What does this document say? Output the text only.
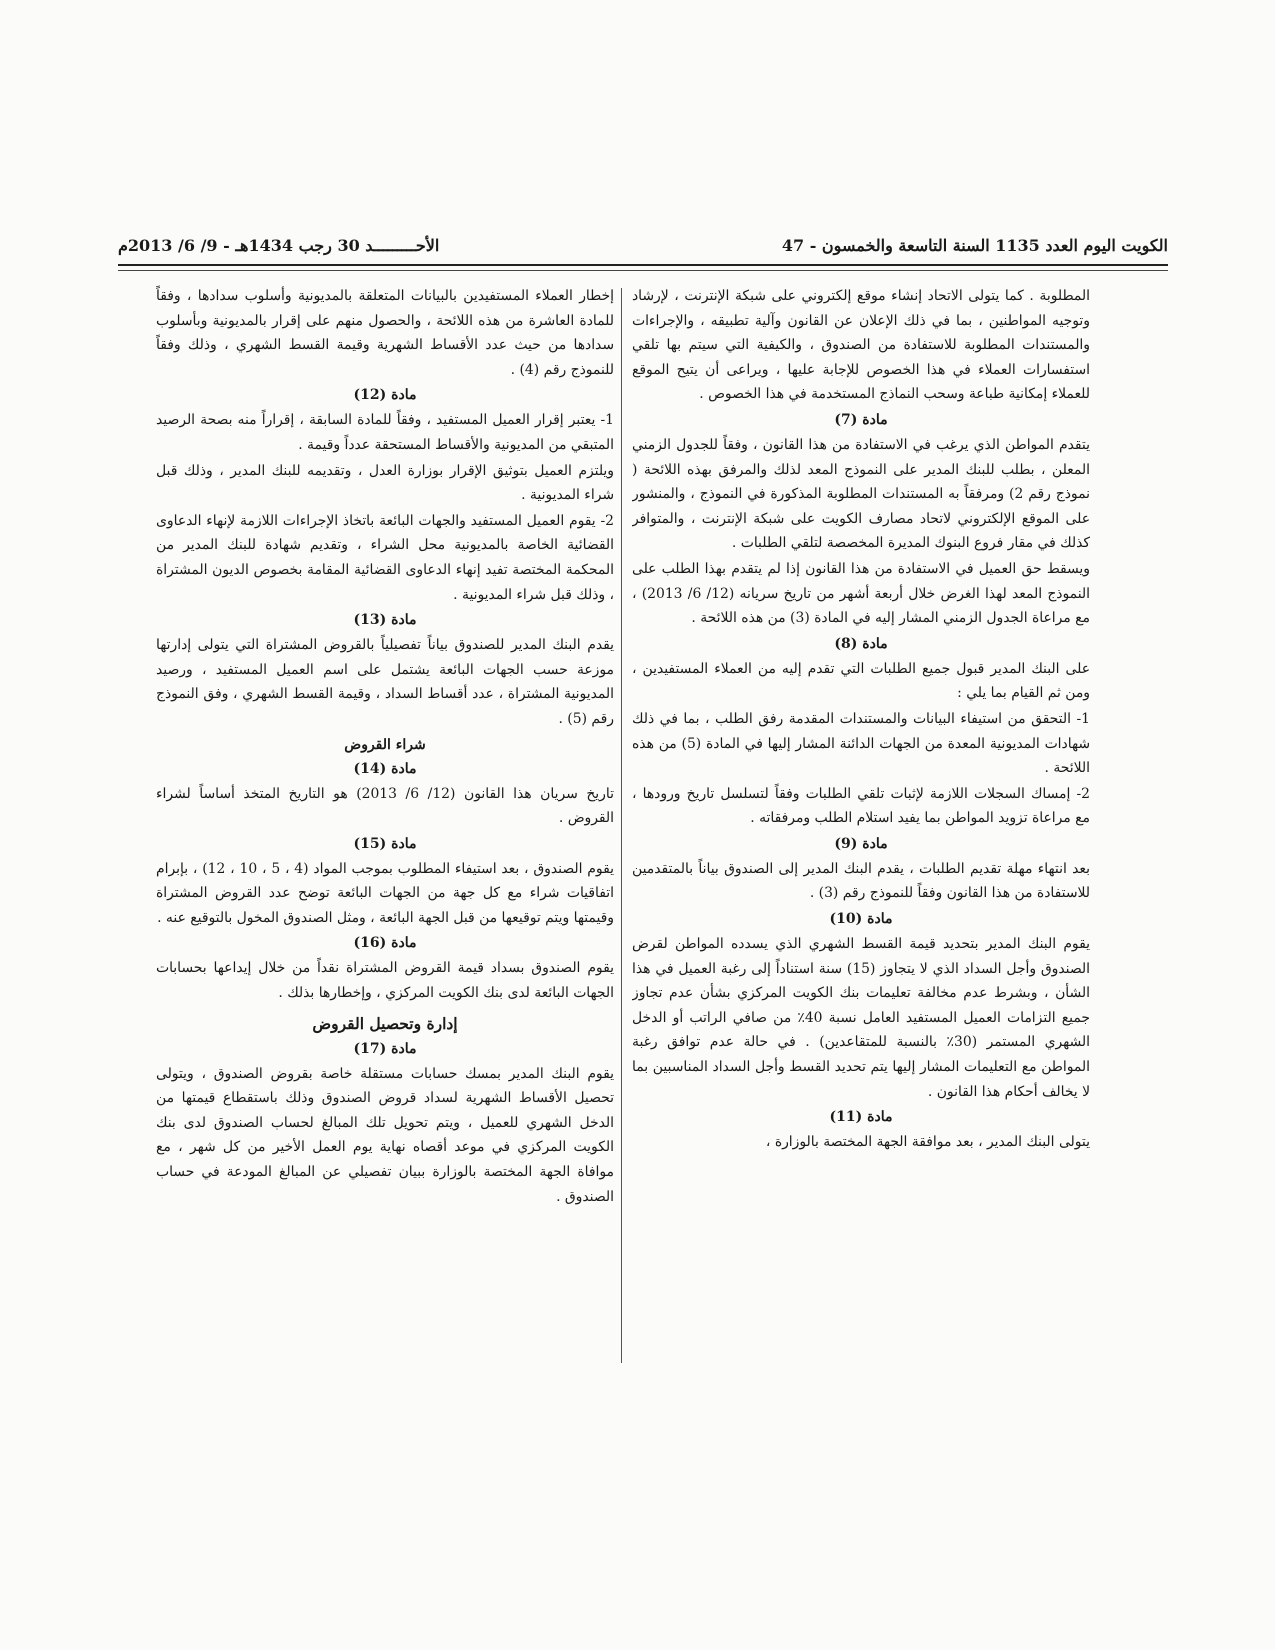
الكويت اليوم العدد 1135 السنة التاسعة والخمسون - 47
الأحـــــــــد 30 رجب 1434هـ - 9/ 6/ 2013م

المطلوبة . كما يتولى الاتحاد إنشاء موقع إلكتروني على شبكة الإنترنت ، لإرشاد وتوجيه المواطنين ، بما في ذلك الإعلان عن القانون وآلية تطبيقه ، والإجراءات والمستندات المطلوبة للاستفادة من الصندوق ، والكيفية التي سيتم بها تلقي استفسارات العملاء في هذا الخصوص للإجابة عليها ، ويراعى أن يتيح الموقع للعملاء إمكانية طباعة وسحب النماذج المستخدمة في هذا الخصوص .

مادة (7)

يتقدم المواطن الذي يرغب في الاستفادة من هذا القانون ، وفقاً للجدول الزمني المعلن ، بطلب للبنك المدير على النموذج المعد لذلك والمرفق بهذه اللائحة ( نموذج رقم 2) ومرفقاً به المستندات المطلوبة المذكورة في النموذج ، والمنشور على الموقع الإلكتروني لاتحاد مصارف الكويت على شبكة الإنترنت ، والمتوافر كذلك في مقار فروع البنوك المديرة المخصصة لتلقي الطلبات .

ويسقط حق العميل في الاستفادة من هذا القانون إذا لم يتقدم بهذا الطلب على النموذج المعد لهذا الغرض خلال أربعة أشهر من تاريخ سريانه (12/ 6/ 2013) ، مع مراعاة الجدول الزمني المشار إليه في المادة (3) من هذه اللائحة .

مادة (8)

على البنك المدير قبول جميع الطلبات التي تقدم إليه من العملاء المستفيدين ، ومن ثم القيام بما يلي :

1- التحقق من استيفاء البيانات والمستندات المقدمة رفق الطلب ، بما في ذلك شهادات المديونية المعدة من الجهات الدائنة المشار إليها في المادة (5) من هذه اللائحة .

2- إمساك السجلات اللازمة لإثبات تلقي الطلبات وفقاً لتسلسل تاريخ ورودها ، مع مراعاة تزويد المواطن بما يفيد استلام الطلب ومرفقاته .

مادة (9)

بعد انتهاء مهلة تقديم الطلبات ، يقدم البنك المدير إلى الصندوق بياناً بالمتقدمين للاستفادة من هذا القانون وفقاً للنموذج رقم (3) .

مادة (10)

يقوم البنك المدير بتحديد قيمة القسط الشهري الذي يسدده المواطن لقرض الصندوق وأجل السداد الذي لا يتجاوز (15) سنة استناداً إلى رغبة العميل في هذا الشأن ، وبشرط عدم مخالفة تعليمات بنك الكويت المركزي بشأن عدم تجاوز جميع التزامات العميل المستفيد العامل نسبة 40٪ من صافي الراتب أو الدخل الشهري المستمر (30٪ بالنسبة للمتقاعدين) . في حالة عدم توافق رغبة المواطن مع التعليمات المشار إليها يتم تحديد القسط وأجل السداد المناسبين بما لا يخالف أحكام هذا القانون .

مادة (11)

يتولى البنك المدير ، بعد موافقة الجهة المختصة بالوزارة ،

إخطار العملاء المستفيدين بالبيانات المتعلقة بالمديونية وأسلوب سدادها ، وفقاً للمادة العاشرة من هذه اللائحة ، والحصول منهم على إقرار بالمديونية وبأسلوب سدادها من حيث عدد الأقساط الشهرية وقيمة القسط الشهري ، وذلك وفقاً للنموذج رقم (4) .

مادة (12)

1- يعتبر إقرار العميل المستفيد ، وفقاً للمادة السابقة ، إقراراً منه بصحة الرصيد المتبقي من المديونية والأقساط المستحقة عدداً وقيمة .

ويلتزم العميل بتوثيق الإقرار بوزارة العدل ، وتقديمه للبنك المدير ، وذلك قبل شراء المديونية .

2- يقوم العميل المستفيد والجهات البائعة باتخاذ الإجراءات اللازمة لإنهاء الدعاوى القضائية الخاصة بالمديونية محل الشراء ، وتقديم شهادة للبنك المدير من المحكمة المختصة تفيد إنهاء الدعاوى القضائية المقامة بخصوص الديون المشتراة ، وذلك قبل شراء المديونية .

مادة (13)

يقدم البنك المدير للصندوق بياناً تفصيلياً بالقروض المشتراة التي يتولى إدارتها موزعة حسب الجهات البائعة يشتمل على اسم العميل المستفيد ، ورصيد المديونية المشتراة ، عدد أقساط السداد ، وقيمة القسط الشهري ، وفق النموذج رقم (5) .

شراء القروض
مادة (14)

تاريخ سريان هذا القانون (12/ 6/ 2013) هو التاريخ المتخذ أساساً لشراء القروض .

مادة (15)

يقوم الصندوق ، بعد استيفاء المطلوب بموجب المواد (4 ، 5 ، 10 ، 12) ، بإبرام اتفاقيات شراء مع كل جهة من الجهات البائعة توضح عدد القروض المشتراة وقيمتها ويتم توقيعها من قبل الجهة البائعة ، ومثل الصندوق المخول بالتوقيع عنه .

مادة (16)

يقوم الصندوق بسداد قيمة القروض المشتراة نقداً من خلال إيداعها بحسابات الجهات البائعة لدى بنك الكويت المركزي ، وإخطارها بذلك .

إدارة وتحصيل القروض
مادة (17)

يقوم البنك المدير بمسك حسابات مستقلة خاصة بقروض الصندوق ، ويتولى تحصيل الأقساط الشهرية لسداد قروض الصندوق وذلك باستقطاع قيمتها من الدخل الشهري للعميل ، ويتم تحويل تلك المبالغ لحساب الصندوق لدى بنك الكويت المركزي في موعد أقصاه نهاية يوم العمل الأخير من كل شهر ، مع موافاة الجهة المختصة بالوزارة ببيان تفصيلي عن المبالغ المودعة في حساب الصندوق .
